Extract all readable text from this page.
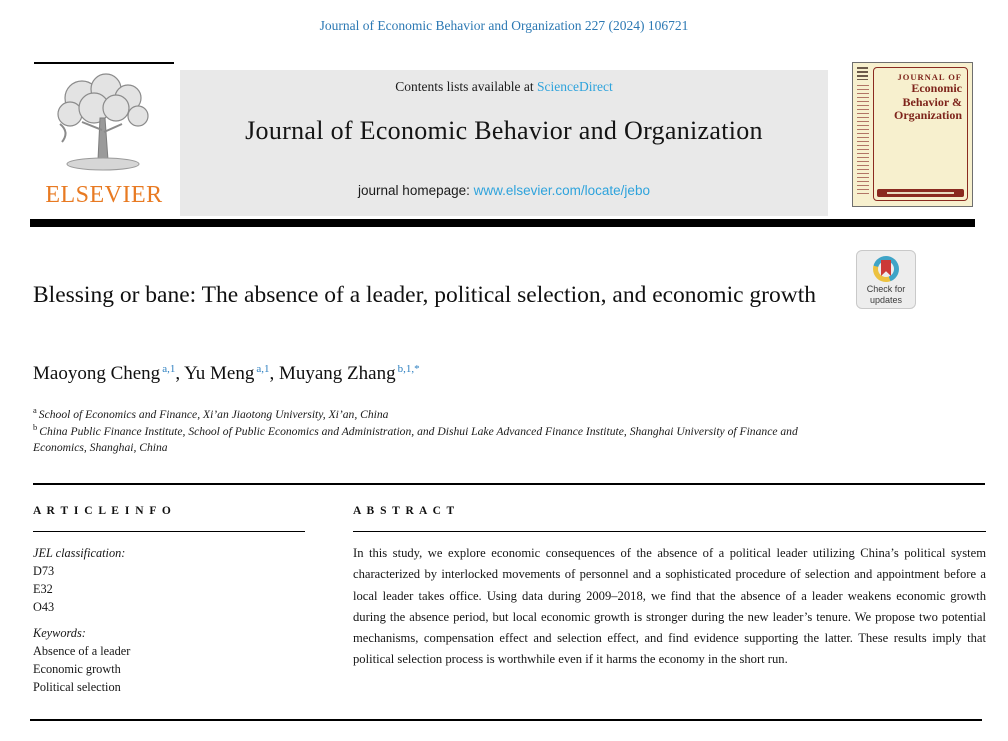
Journal of Economic Behavior and Organization 227 (2024) 106721
ELSEVIER
Contents lists available at ScienceDirect
Journal of Economic Behavior and Organization
journal homepage: www.elsevier.com/locate/jebo
JOURNAL OF
Economic
Behavior &
Organization
Check for
updates
Blessing or bane: The absence of a leader, political selection, and economic growth
Maoyong Cheng $^{a,1}$, Yu Meng $^{a,1}$, Muyang Zhang $^{b,1,*}$
$^a$ School of Economics and Finance, Xi’an Jiaotong University, Xi’an, China
$^b$ China Public Finance Institute, School of Public Economics and Administration, and Dishui Lake Advanced Finance Institute, Shanghai University of Finance and Economics, Shanghai, China
A R T I C L E I N F O
JEL classification:
D73
E32
O43
Keywords:
Absence of a leader
Economic growth
Political selection
A B S T R A C T

In this study, we explore economic consequences of the absence of a political leader utilizing China’s political system characterized by interlocked movements of personnel and a sophisticated procedure of selection and appointment before a local leader takes office. Using data during 2009–2018, we find that the absence of a leader weakens economic growth during the absence period, but local economic growth is stronger during the new leader’s tenure. We propose two potential mechanisms, compensation effect and selection effect, and find evidence supporting the latter. These results imply that political selection process is worthwhile even if it harms the economy in the short run.
